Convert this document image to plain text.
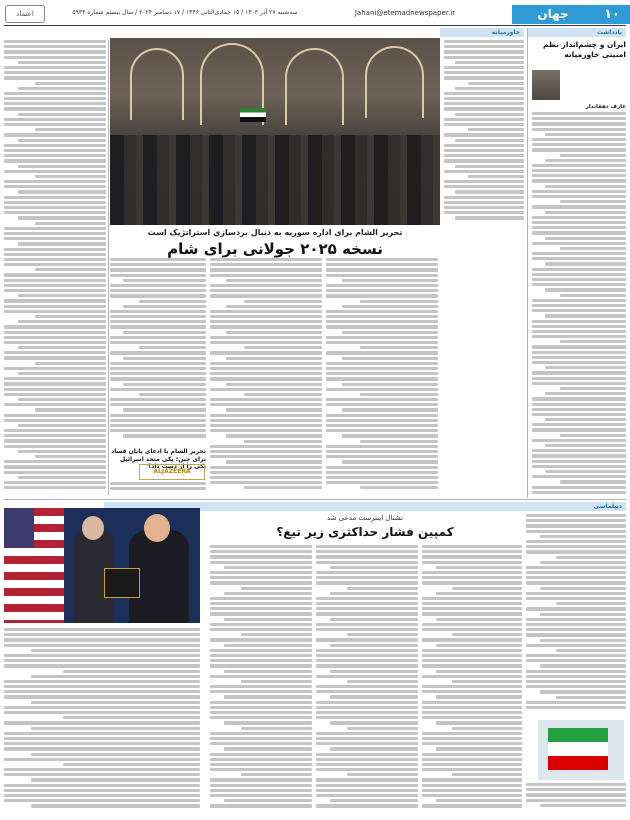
۱۰
جهان
Jahani@etemadnewspaper.ir
سه‌شنبه ۲۷ آذر ۱۴۰۳ / ۱۵ جمادی‌الثانی ۱۴۴۶ / ۱۷ دسامبر ۲۰۲۴ / سال بیستم شماره ۵۹۳۴
اعتماد
یادداشت
ایران و چشم‌انداز نظم امنیتی خاورمیانه
عارف دهقاندار
خاورمیانه
تحرير الشام براي اداره سوريه به دنبال بردسازي استراتژيک است
نسخه ۲۰۲۵ جولانی برای شام
تحریر الشام با ادعای پایان فساد برای چین؛ یکی متحد اسرائیل یکی را از دست داد؟
ALJAZEERA
دیپلماسی
نشنال اینترست مدعی شد
کمپین فشار حداکثری زیر تیغ؟
